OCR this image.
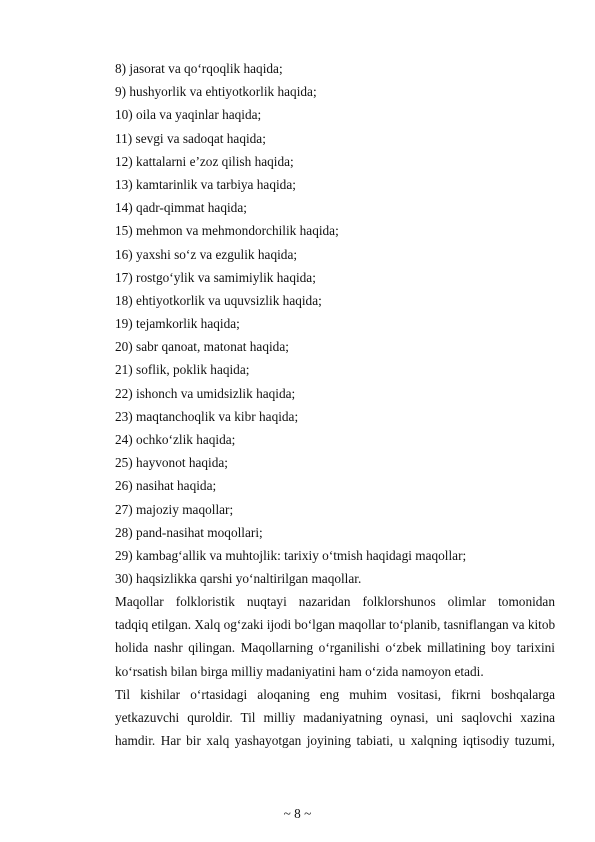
8) jasorat va qo‘rqoqlik haqida;
9) hushyorlik va ehtiyotkorlik haqida;
10) oila va yaqinlar haqida;
11) sevgi va sadoqat haqida;
12) kattalarni e’zoz qilish haqida;
13) kamtarinlik va tarbiya haqida;
14) qadr-qimmat haqida;
15) mehmon va mehmondorchilik haqida;
16) yaxshi so‘z va ezgulik haqida;
17) rostgo‘ylik va samimiylik haqida;
18) ehtiyotkorlik va uquvsizlik haqida;
19) tejamkorlik haqida;
20) sabr qanoat, matonat haqida;
21) soflik, poklik haqida;
22) ishonch va umidsizlik haqida;
23) maqtanchoqlik va kibr haqida;
24) ochko‘zlik haqida;
25) hayvonot haqida;
26) nasihat haqida;
27) majoziy maqollar;
28) pand-nasihat moqollari;
29) kambag‘allik va muhtojlik: tarixiy o‘tmish haqidagi maqollar;
30) haqsizlikka qarshi yo‘naltirilgan maqollar.
Maqollar folkloristik nuqtayi nazaridan folklorshunos olimlar tomonidan
tadqiq etilgan. Xalq og‘zaki ijodi bo‘lgan maqollar to‘planib, tasniflangan va kitob
holida nashr qilingan. Maqollarning o‘rganilishi o‘zbek millatining boy tarixini
ko‘rsatish bilan birga milliy madaniyatini ham o‘zida namoyon etadi.
Til kishilar o‘rtasidagi aloqaning eng muhim vositasi, fikrni boshqalarga
yetkazuvchi quroldir. Til milliy madaniyatning oynasi, uni saqlovchi xazina
hamdir. Har bir xalq yashayotgan joyining tabiati, u xalqning iqtisodiy tuzumi,
~ 8 ~
